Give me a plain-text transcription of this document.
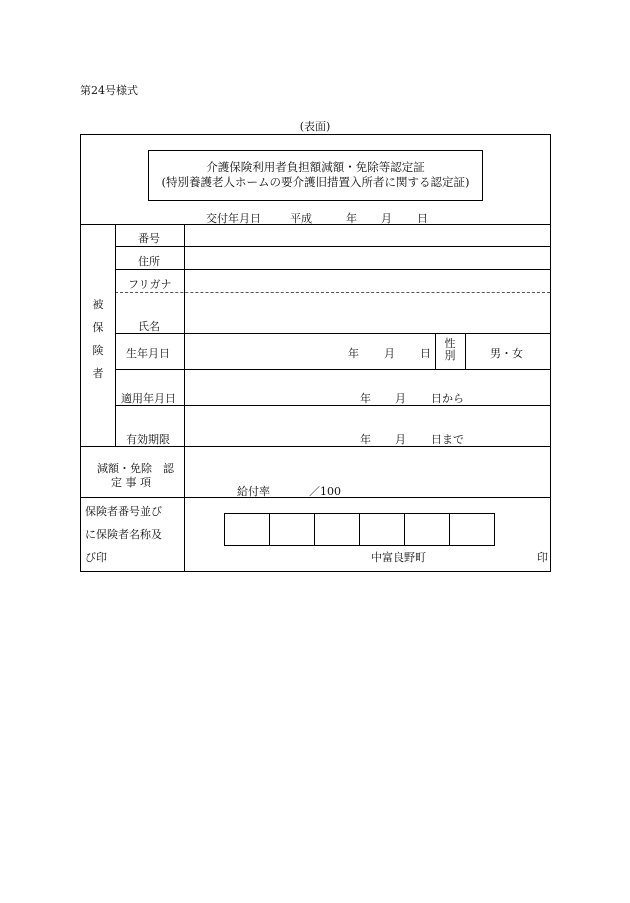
第24号様式
(表面)
介護保険利用者負担額減額・免除等認定証
(特別養護老人ホームの要介護旧措置入所者に関する認定証)
交付年月日	平成	年 月 日
被
保
険
者
番号
住所
フリガナ
氏名
生年月日	年 月 日
性
別	男・女
適用年月日	年 月 日から
有効期限	年 月 日まで
減額・免除　認
定 事 項
給付率	／100
保険者番号並び
に保険者名称及
び印	中富良野町	印
